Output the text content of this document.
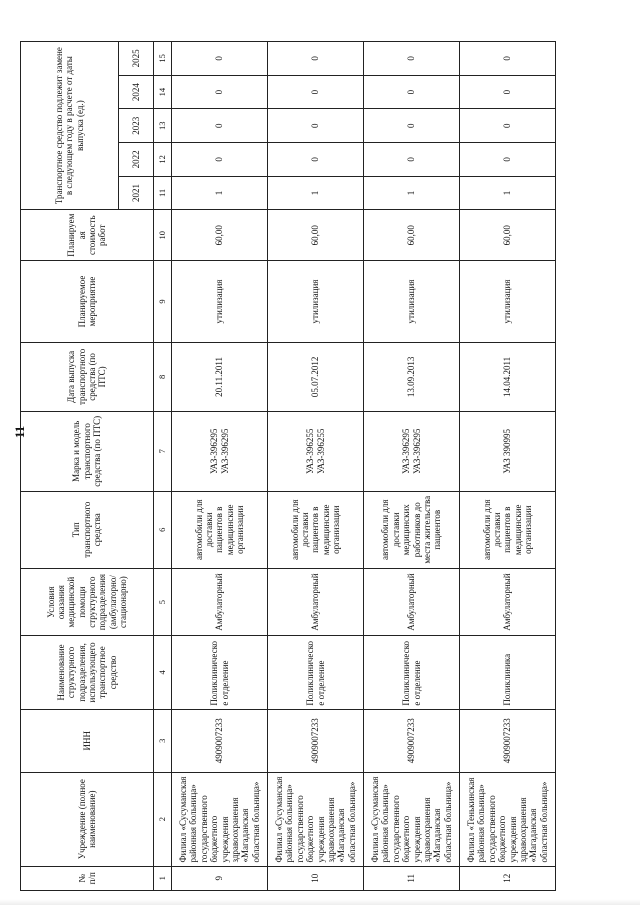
11
№ п/п	Учреждение (полное наименование)	ИНН	Наименование структурного подразделения, использующего транспортное средство	Условия оказания медицинской помощи структурного подразделения (амбулаторно/ стационарно)	Тип транспортного средства	Марка и модель транспортного средства (по ПТС)	Дата выпуска транспортного средства (по ПТС)	Планируемое мероприятие	Планируемая стоимость работ	Транспортное средство подлежит замене в следующем году в расчете от даты выпуска (ед.)				
										2021	2022	2023	2024	2025
1	2	3	4	5	6	7	8	9	10	11	12	13	14	15
9	Филиал «Сусуманская районная больница» государственного бюджетного учреждения здравоохранения «Магаданская областная больница»	4909007233	Поликлиническое отделение	Амбулаторный	автомобили для доставки пациентов в медицинские организации	УАЗ-396295 УАЗ-396295	20.11.2011	утилизация	60,00	1	0	0	0	0
10	Филиал «Сусуманская районная больница» государственного бюджетного учреждения здравоохранения «Магаданская областная больница»	4909007233	Поликлиническое отделение	Амбулаторный	автомобили для доставки пациентов в медицинские организации	УАЗ-396255 УАЗ-396255	05.07.2012	утилизация	60,00	1	0	0	0	0
11	Филиал «Сусуманская районная больница» государственного бюджетного учреждения здравоохранения «Магаданская областная больница»	4909007233	Поликлиническое отделение	Амбулаторный	автомобили для доставки медицинских работников до места жительства пациентов	УАЗ-396295 УАЗ-396295	13.09.2013	утилизация	60,00	1	0	0	0	0
12	Филиал «Тенькинская районная больница» государственного бюджетного учреждения здравоохранения «Магаданская областная больница»	4909007233	Поликлиника	Амбулаторный	автомобили для доставки пациентов в медицинские организации	УАЗ 390995	14.04.2011	утилизация	60,00	1	0	0	0	0
